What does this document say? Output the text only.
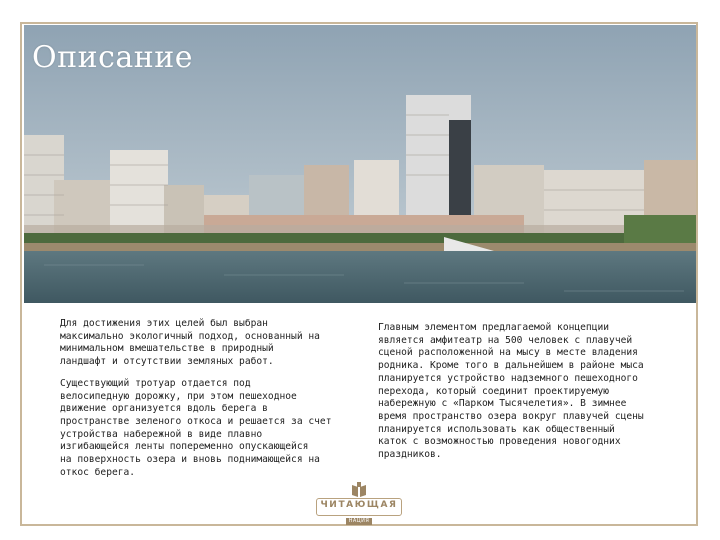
Описание

Для достижения этих целей был выбран
максимально экологичный подход, основанный на
минимальном вмешательстве в природный
ландшафт и отсутствии земляных работ.

Существующий тротуар отдается под
велосипедную дорожку, при этом пешеходное
движение организуется вдоль берега в
пространстве зеленого откоса и решается за счет
устройства набережной в виде плавно
изгибающейся ленты попеременно опускающейся
на поверхность озера и вновь поднимающейся на
откос берега.

Главным элементом предлагаемой концепции
является амфитеатр на 500 человек с плавучей
сценой расположенной на мысу в месте владения
родника. Кроме того в дальнейшем в районе мыса
планируется устройство надземного пешеходного
перехода, который соединит проектируемую
набережную с «Парком Тысячелетия». В зимнее
время пространство озера вокруг плавучей сцены
планируется использовать как общественный
каток с возможностью проведения новогодних
праздников.

ЧИТАЮЩАЯ
НАЦИЯ
